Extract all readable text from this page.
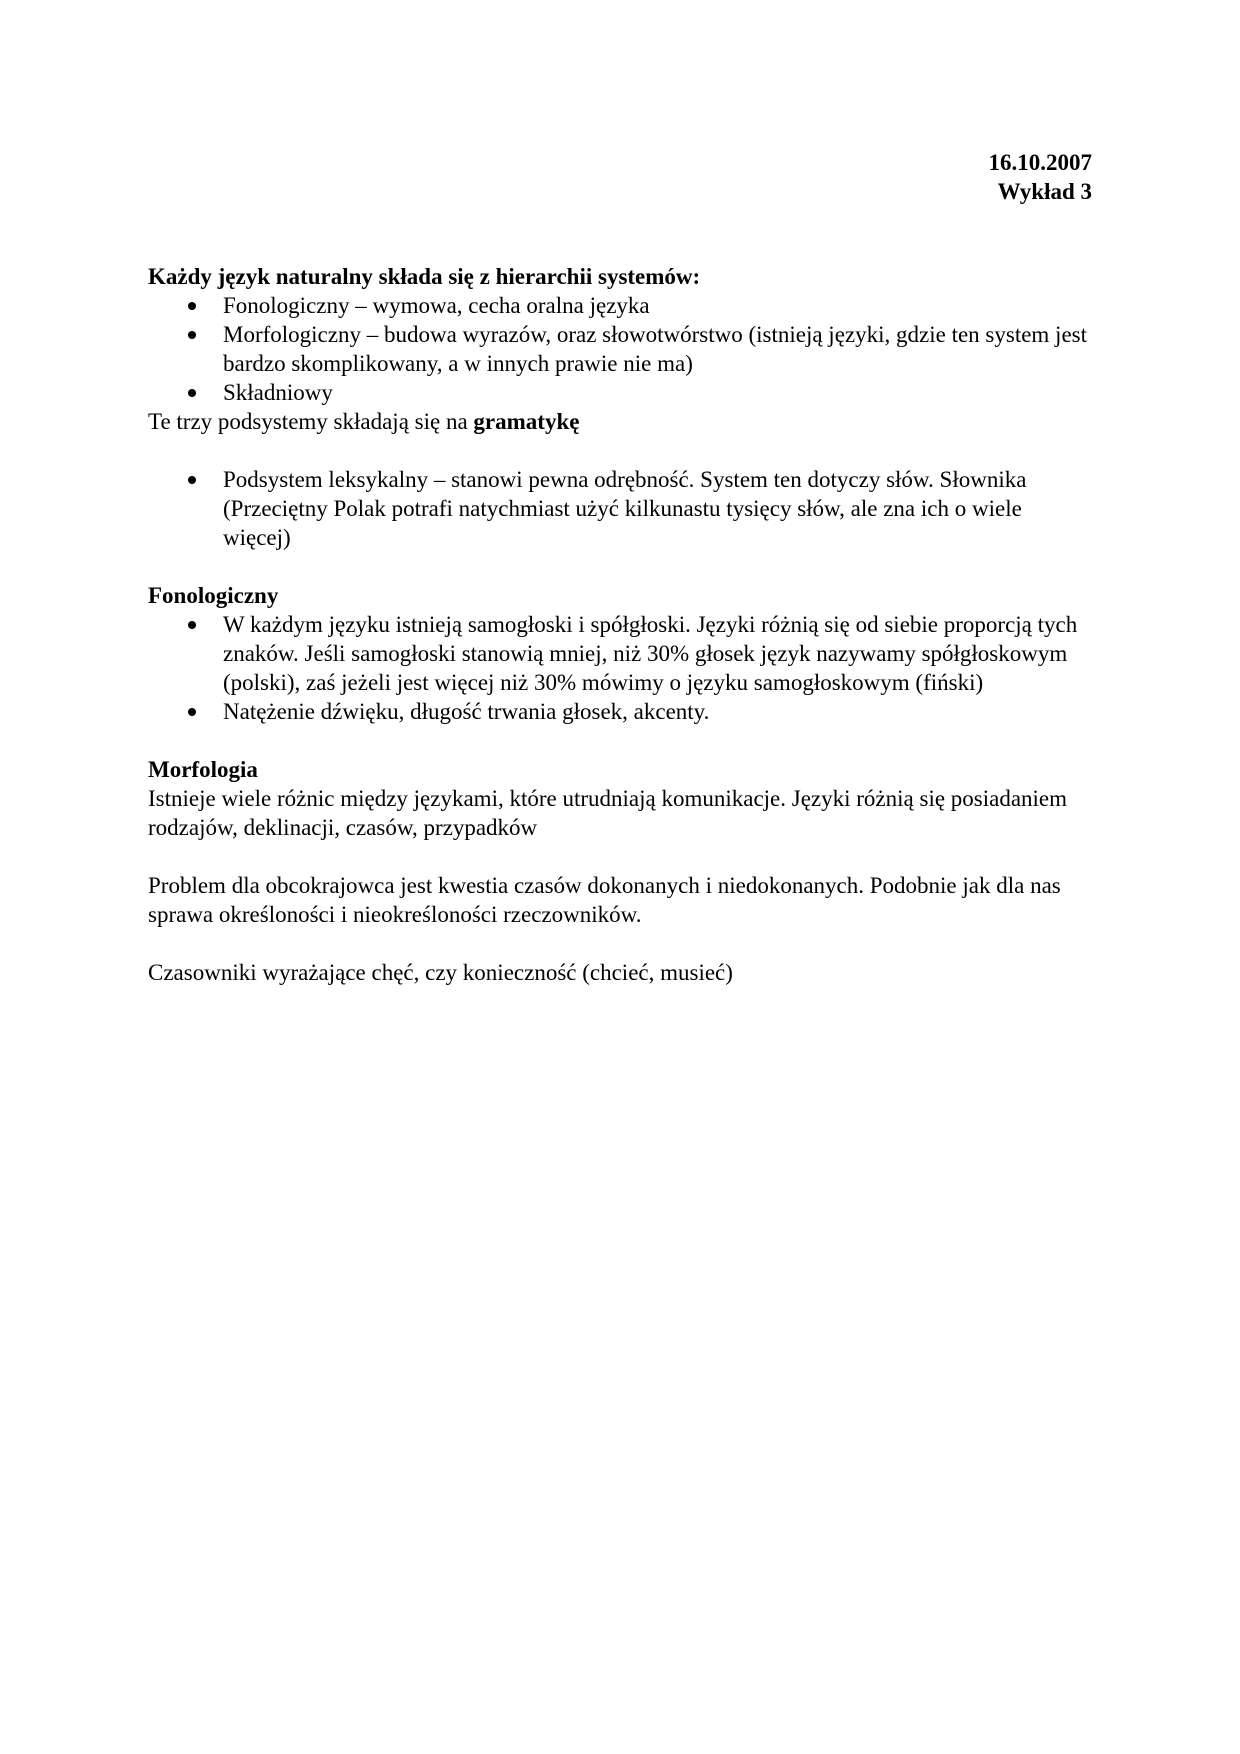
16.10.2007
Wykład 3
Każdy język naturalny składa się z hierarchii systemów:
Fonologiczny – wymowa, cecha oralna języka
Morfologiczny – budowa wyrazów, oraz słowotwórstwo (istnieją języki, gdzie ten system jest bardzo skomplikowany, a w innych prawie nie ma)
Składniowy

Te trzy podsystemy składają się na gramatykę

Podsystem leksykalny – stanowi pewna odrębność. System ten dotyczy słów. Słownika (Przeciętny Polak potrafi natychmiast użyć kilkunastu tysięcy słów, ale zna ich o wiele więcej)
Fonologiczny
W każdym języku istnieją samogłoski i spółgłoski. Języki różnią się od siebie proporcją tych znaków. Jeśli samogłoski stanowią mniej, niż 30% głosek język nazywamy spółgłoskowym (polski), zaś jeżeli jest więcej niż 30% mówimy o języku samogłoskowym (fiński)
Natężenie dźwięku, długość trwania głosek, akcenty.
Morfologia

Istnieje wiele różnic między językami, które utrudniają komunikacje. Języki różnią się posiadaniem rodzajów, deklinacji, czasów, przypadków

Problem dla obcokrajowca jest kwestia czasów dokonanych i niedokonanych. Podobnie jak dla nas sprawa określoności i nieokreśloności rzeczowników.

Czasowniki wyrażające chęć, czy konieczność (chcieć, musieć)
